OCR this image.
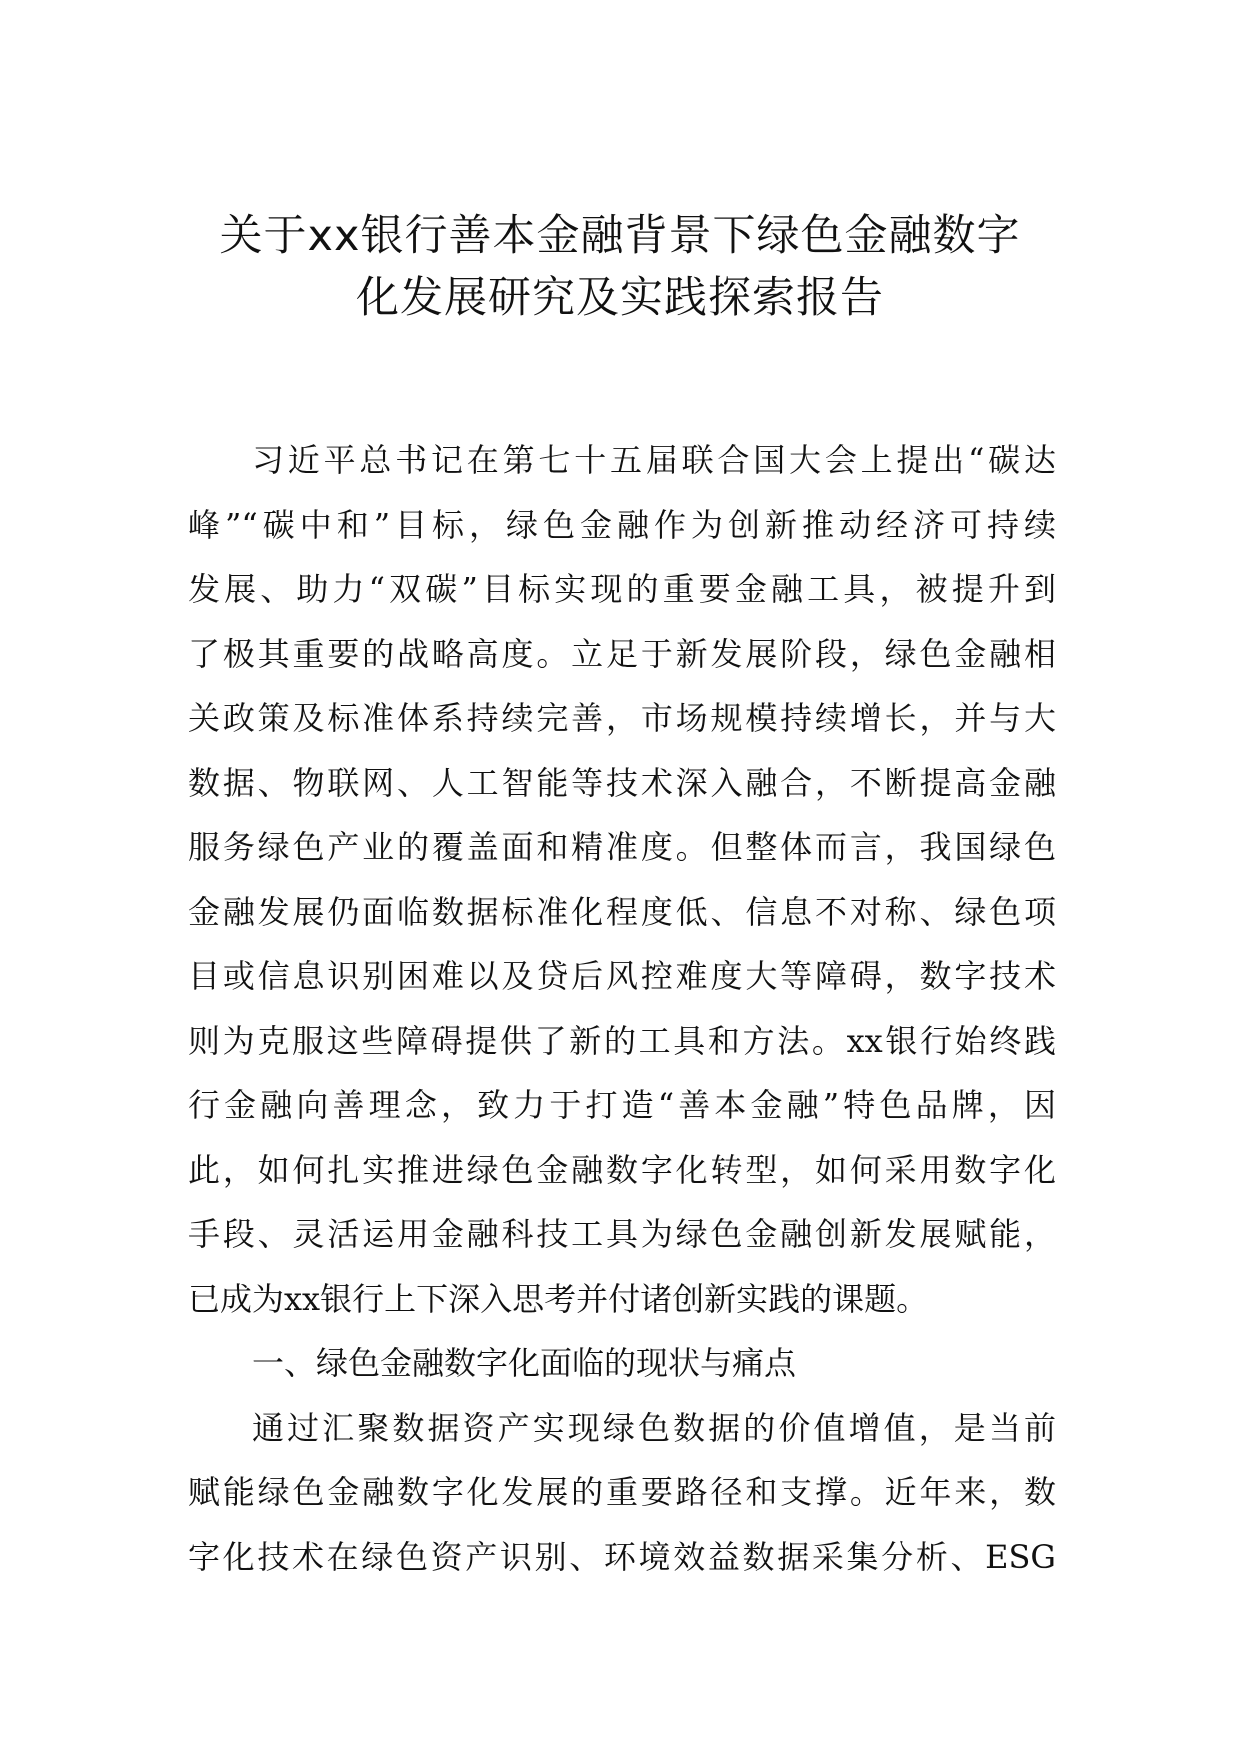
关于xx银行善本金融背景下绿色金融数字
化发展研究及实践探索报告
习近平总书记在第七十五届联合国大会上提出“碳达
峰”“碳中和”目标，绿色金融作为创新推动经济可持续
发展、助力“双碳”目标实现的重要金融工具，被提升到
了极其重要的战略高度。立足于新发展阶段，绿色金融相
关政策及标准体系持续完善，市场规模持续增长，并与大
数据、物联网、人工智能等技术深入融合，不断提高金融
服务绿色产业的覆盖面和精准度。但整体而言，我国绿色
金融发展仍面临数据标准化程度低、信息不对称、绿色项
目或信息识别困难以及贷后风控难度大等障碍，数字技术
则为克服这些障碍提供了新的工具和方法。xx银行始终践
行金融向善理念，致力于打造“善本金融”特色品牌，因
此，如何扎实推进绿色金融数字化转型，如何采用数字化
手段、灵活运用金融科技工具为绿色金融创新发展赋能，
已成为xx银行上下深入思考并付诸创新实践的课题。
一、绿色金融数字化面临的现状与痛点
通过汇聚数据资产实现绿色数据的价值增值，是当前
赋能绿色金融数字化发展的重要路径和支撑。近年来，数
字化技术在绿色资产识别、环境效益数据采集分析、ESG
